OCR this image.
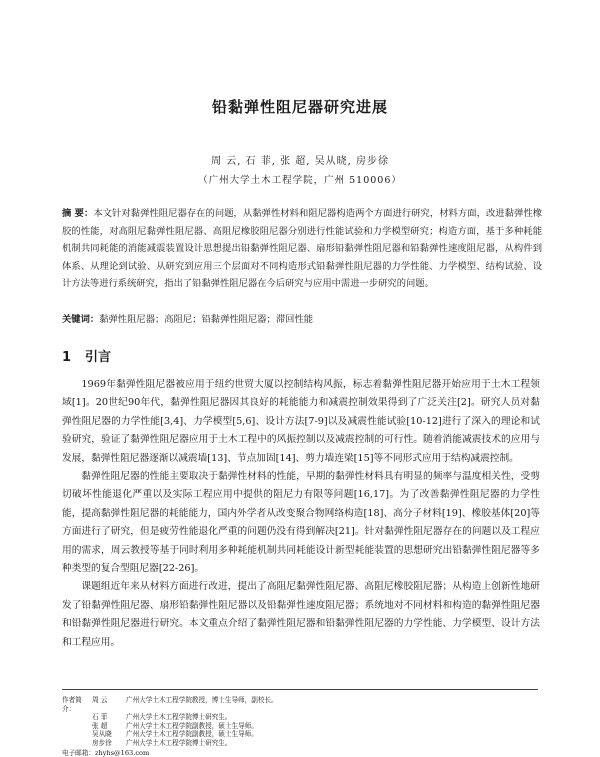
铅黏弹性阻尼器研究进展
周 云, 石 菲, 张 超, 吴从晓, 房步徐
（广州大学土木工程学院，广州 510006）
摘 要：本文针对黏弹性阻尼器存在的问题，从黏弹性材料和阻尼器构造两个方面进行研究，材料方面，改进黏弹性橡胶的性能，对高阻尼黏弹性阻尼器、高阻尼橡胶阻尼器分别进行性能试验和力学模型研究；构造方面，基于多种耗能机制共同耗能的消能减震装置设计思想提出铅黏弹性阻尼器、扇形铅黏弹性阻尼器和铅黏弹性速度阻尼器，从构件到体系、从理论到试验、从研究到应用三个层面对不同构造形式铅黏弹性阻尼器的力学性能、力学模型、结构试验、设计方法等进行系统研究，指出了铅黏弹性阻尼器在今后研究与应用中需进一步研究的问题。
关键词：黏弹性阻尼器；高阻尼；铅黏弹性阻尼器；滞回性能
1 引言

1969年黏弹性阻尼器被应用于纽约世贸大厦以控制结构风振，标志着黏弹性阻尼器开始应用于土木工程领域[1]。20世纪90年代，黏弹性阻尼器因其良好的耗能能力和减震控制效果得到了广泛关注[2]。研究人员对黏弹性阻尼器的力学性能[3,4]、力学模型[5,6]、设计方法[7-9]以及减震性能试验[10-12]进行了深入的理论和试验研究，验证了黏弹性阻尼器应用于土木工程中的风振控制以及减震控制的可行性。随着消能减震技术的应用与发展，黏弹性阻尼器逐渐以减震墙[13]、节点加固[14]、剪力墙连梁[15]等不同形式应用于结构减震控制。

黏弹性阻尼器的性能主要取决于黏弹性材料的性能，早期的黏弹性材料具有明显的频率与温度相关性，受剪切破坏性能退化严重以及实际工程应用中提供的阻尼力有限等问题[16,17]。为了改善黏弹性阻尼器的力学性能，提高黏弹性阻尼器的耗能能力，国内外学者从改变聚合物网络构造[18]、高分子材料[19]、橡胶基体[20]等方面进行了研究，但是疲劳性能退化严重的问题仍没有得到解决[21]。针对黏弹性阻尼器存在的问题以及工程应用的需求，周云教授等基于同时利用多种耗能机制共同耗能设计新型耗能装置的思想研究出铅黏弹性阻尼器等多种类型的复合型阻尼器[22-26]。

课题组近年来从材料方面进行改进，提出了高阻尼黏弹性阻尼器、高阻尼橡胶阻尼器；从构造上创新性地研发了铅黏弹性阻尼器、扇形铅黏弹性阻尼器以及铅黏弹性速度阻尼器；系统地对不同材料和构造的黏弹性阻尼器和铅黏弹性阻尼器进行研究。本文重点介绍了黏弹性阻尼器和铅黏弹性阻尼器的力学性能、力学模型、设计方法和工程应用。

作者简介：
周 云	广州大学土木工程学院教授，博士生导师，副校长。
石 菲	广州大学土木工程学院博士研究生。
张 超	广州大学土木工程学院副教授，硕士生导师。
吴从晓	广州大学土木工程学院副教授，硕士生导师。
房步徐	广州大学土木工程学院博士研究生。
电子邮箱：zhyhs@163.com
